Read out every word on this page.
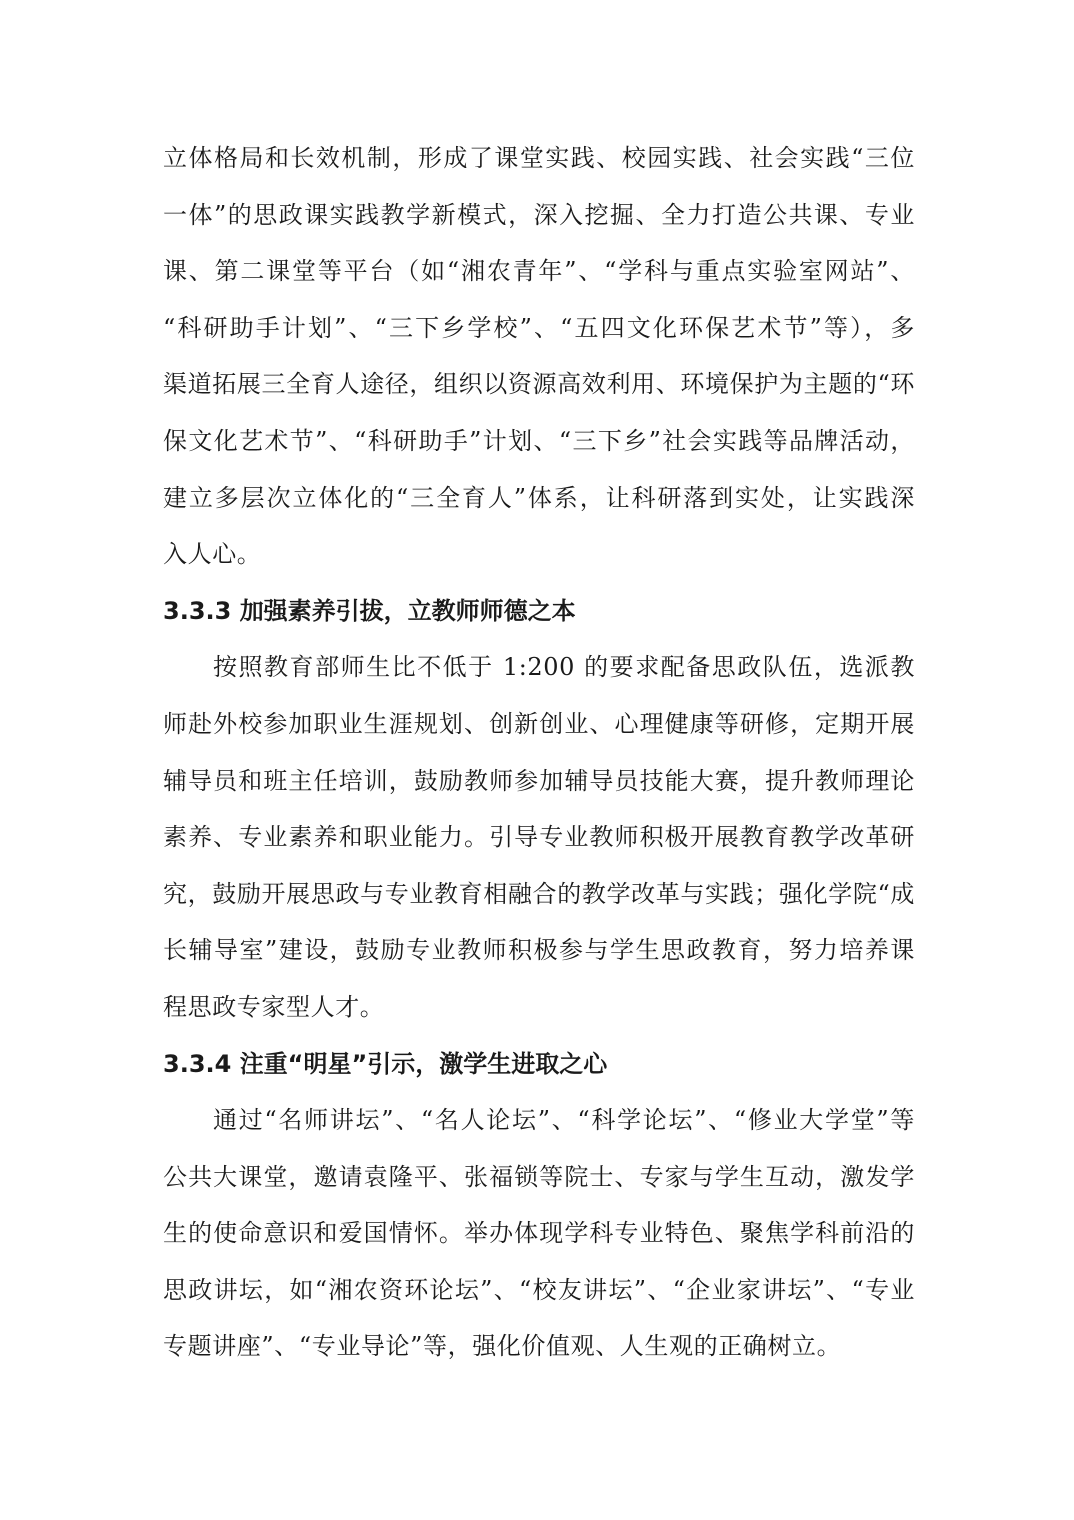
立体格局和长效机制，形成了课堂实践、校园实践、社会实践“三位
一体”的思政课实践教学新模式，深入挖掘、全力打造公共课、专业
课、第二课堂等平台（如“湘农青年”、“学科与重点实验室网站”、
“科研助手计划”、“三下乡学校”、“五四文化环保艺术节”等），多
渠道拓展三全育人途径，组织以资源高效利用、环境保护为主题的“环
保文化艺术节”、“科研助手”计划、“三下乡”社会实践等品牌活动，
建立多层次立体化的“三全育人”体系，让科研落到实处，让实践深
入人心。
3.3.3 加强素养引拔，立教师师德之本
按照教育部师生比不低于 1:200 的要求配备思政队伍，选派教
师赴外校参加职业生涯规划、创新创业、心理健康等研修，定期开展
辅导员和班主任培训，鼓励教师参加辅导员技能大赛，提升教师理论
素养、专业素养和职业能力。引导专业教师积极开展教育教学改革研
究，鼓励开展思政与专业教育相融合的教学改革与实践；强化学院“成
长辅导室”建设，鼓励专业教师积极参与学生思政教育，努力培养课
程思政专家型人才。
3.3.4 注重“明星”引示，激学生进取之心
通过“名师讲坛”、“名人论坛”、“科学论坛”、“修业大学堂”等
公共大课堂，邀请袁隆平、张福锁等院士、专家与学生互动，激发学
生的使命意识和爱国情怀。举办体现学科专业特色、聚焦学科前沿的
思政讲坛，如“湘农资环论坛”、“校友讲坛”、“企业家讲坛”、“专业
专题讲座”、“专业导论”等，强化价值观、人生观的正确树立。
